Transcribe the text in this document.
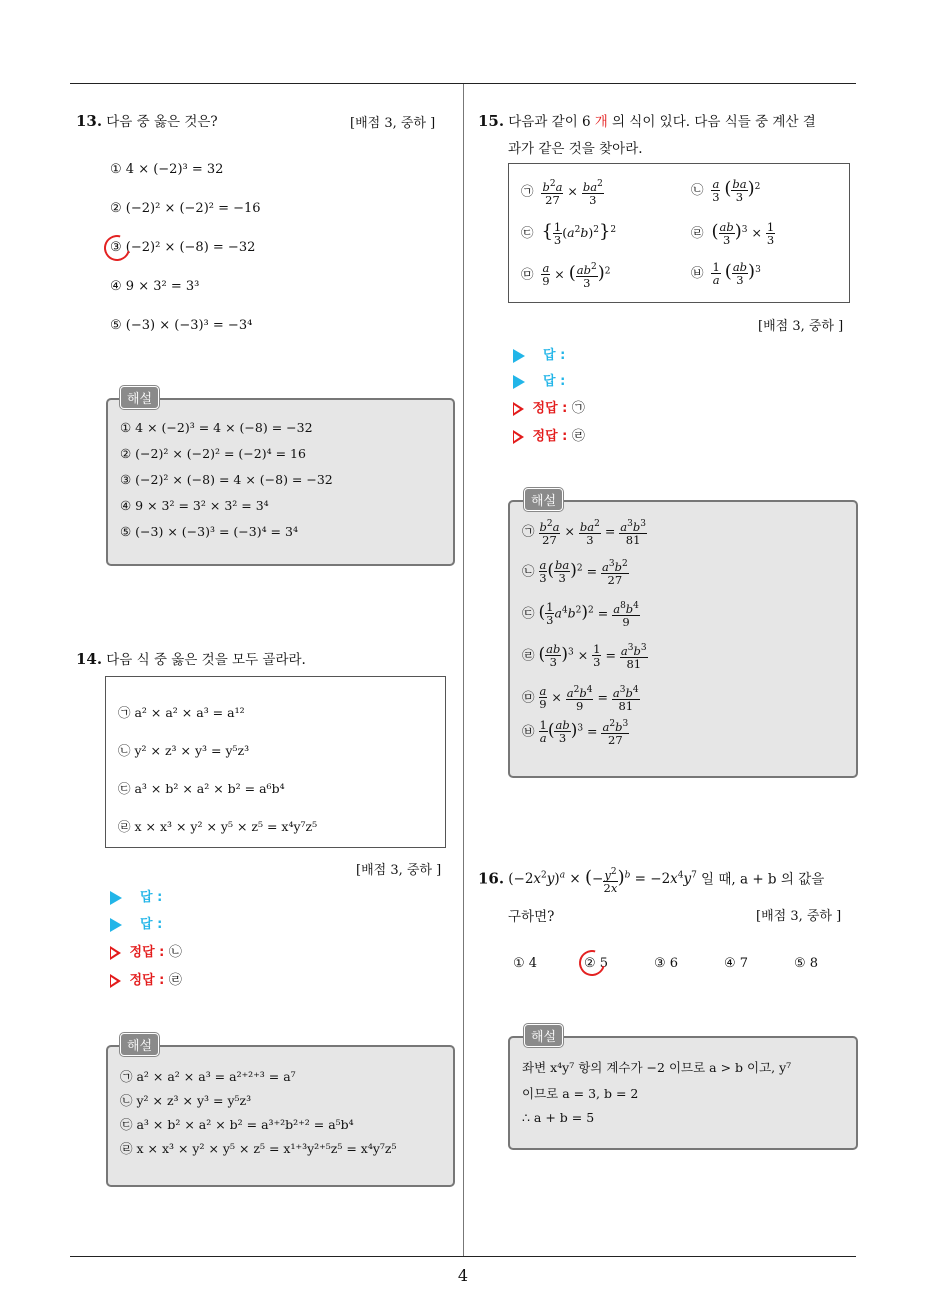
4
13. 다음 중 옳은 것은?	[배점 3, 중하 ]
① 4 × (−2)³ = 32
② (−2)² × (−2)² = −16
③ (−2)² × (−8) = −32
④ 9 × 3² = 3³
⑤ (−3) × (−3)³ = −3⁴
① 4 × (−2)³ = 4 × (−8) = −32
② (−2)² × (−2)² = (−2)⁴ = 16
③ (−2)² × (−8) = 4 × (−8) = −32
④ 9 × 3² = 3² × 3² = 3⁴
⑤ (−3) × (−3)³ = (−3)⁴ = 3⁴
해설
14. 다음 식 중 옳은 것을 모두 골라라.
㉠ a² × a² × a³ = a¹²
㉡ y² × z³ × y³ = y⁵z³
㉢ a³ × b² × a² × b² = a⁶b⁴
㉣ x × x³ × y² × y⁵ × z⁵ = x⁴y⁷z⁵
[배점 3, 중하 ]
답 :
답 :
정답 : ㉡
정답 : ㉣
㉠ a² × a² × a³ = a²⁺²⁺³ = a⁷
㉡ y² × z³ × y³ = y⁵z³
㉢ a³ × b² × a² × b² = a³⁺²b²⁺² = a⁵b⁴
㉣ x × x³ × y² × y⁵ × z⁵ = x¹⁺³y²⁺⁵z⁵ = x⁴y⁷z⁵
해설
15. 다음과 같이 6 개 의 식이 있다. 다음 식들 중 계산 결
과가 같은 것을 찾아라.
㉠ $\frac{b^2a}{27} \times \frac{ba^2}{3}$	㉡ $\frac{a}{3}$ ( $\frac{ba}{3} )^2$
㉢ { $\frac{1}{3} (a^2b)^2\}^2$	㉣ ( $\frac{ab}{3} )^3 \times \frac{1}{3}$
㉤ $\frac{a}{9}$ × ( $\frac{ab^2}{3} )^2$	㉥ $\frac{1}{a}$ ( $\frac{ab}{3} )^3$
[배점 3, 중하 ]
답 :
답 :
정답 : ㉠
정답 : ㉣
㉠ $\frac{b^2a}{27} \times \frac{ba^2}{3} = \frac{a^3b^3}{81}$
㉡ $\frac{a}{3}$ ( $\frac{ba}{3} )^2 = \frac{a^3b^2}{27}$
㉢ ( $\frac{1}{3} a^4b^2)^2 = \frac{a^8b^4}{9}$
㉣ ( $\frac{ab}{3} )^3 \times \frac{1}{3} = \frac{a^3b^3}{81}$
㉤ $\frac{a}{9} \times \frac{a^2b^4}{9} = \frac{a^3b^4}{81}$
㉥ $\frac{1}{a}$ ( $\frac{ab}{3} )^3 = \frac{a^2b^3}{27}$
해설
16. $(-2x^2y)^a$ × (− $\frac{y^2}{2x} )^b = -2x^4y^7$ 일 때, a + b 의 값을
구하면?	[배점 3, 중하 ]
① 4	② 5	③ 6	④ 7	⑤ 8
좌변 x⁴y⁷ 항의 계수가 −2 이므로 a > b 이고, y⁷
이므로 a = 3, b = 2
∴ a + b = 5
해설
